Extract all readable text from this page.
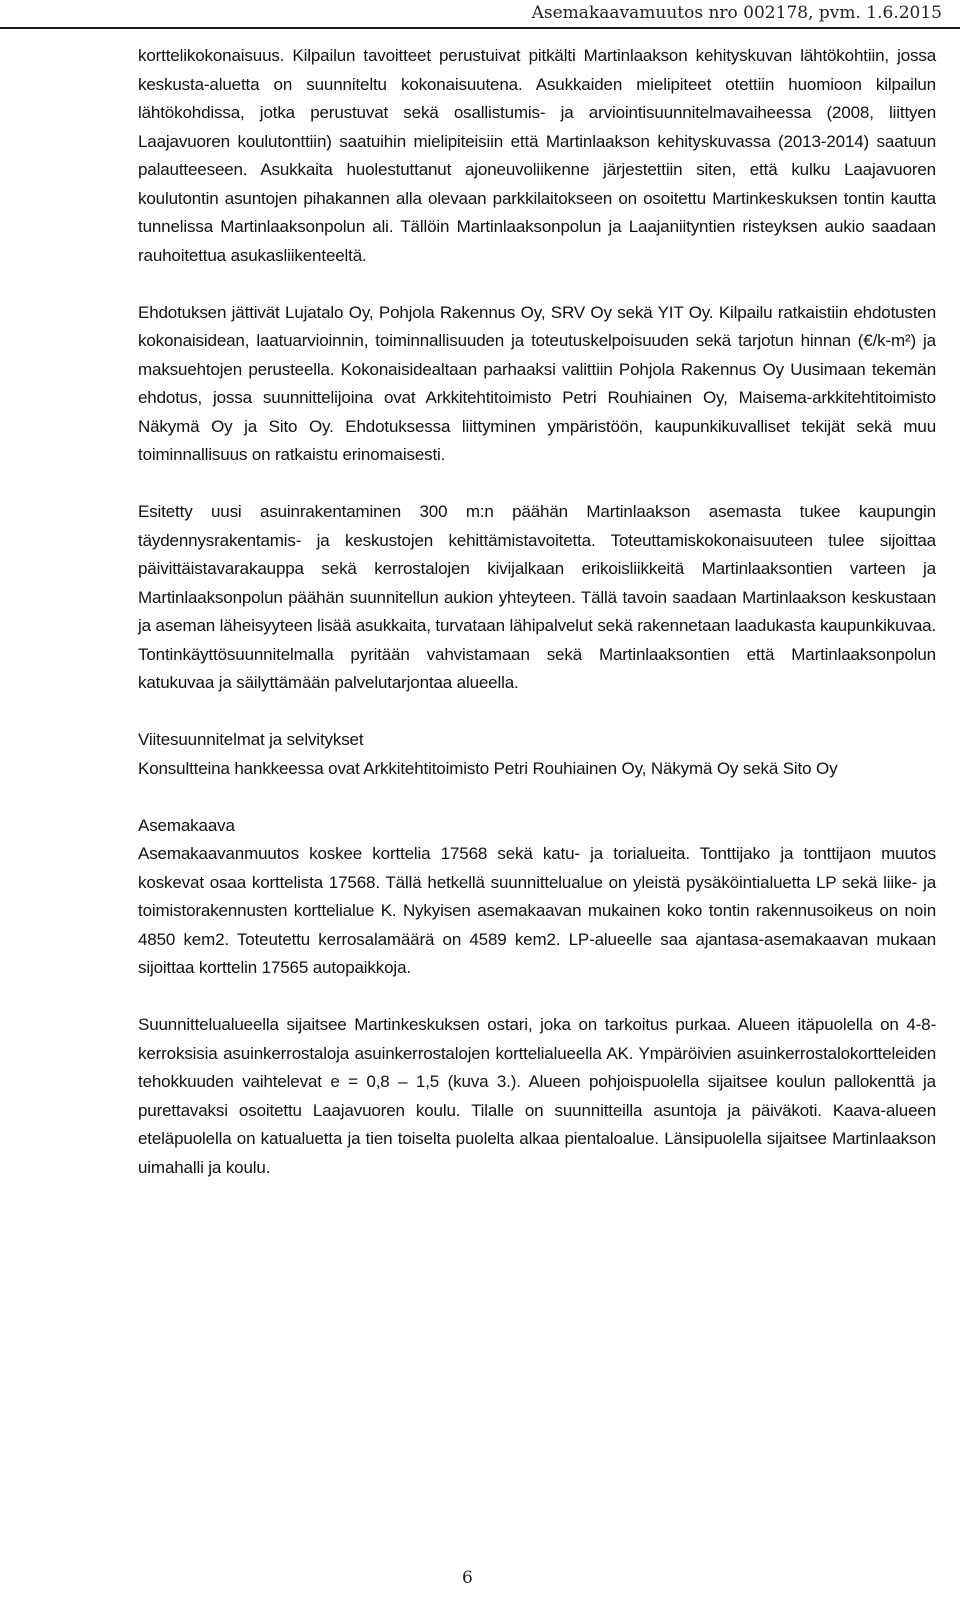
Asemakaavamuutos nro 002178, pvm. 1.6.2015

korttelikokonaisuus. Kilpailun tavoitteet perustuivat pitkälti Martinlaakson kehityskuvan lähtökohtiin, jossa keskusta-aluetta on suunniteltu kokonaisuutena. Asukkaiden mielipiteet otettiin huomioon kilpailun lähtökohdissa, jotka perustuvat sekä osallistumis- ja arviointisuunnitelmavaiheessa (2008, liittyen Laajavuoren koulutonttiin) saatuihin mielipiteisiin että Martinlaakson kehityskuvassa (2013-2014) saatuun palautteeseen. Asukkaita huolestuttanut ajoneuvoliikenne järjestettiin siten, että kulku Laajavuoren koulutontin asuntojen pihakannen alla olevaan parkkilaitokseen on osoitettu Martinkeskuksen tontin kautta tunnelissa Martinlaaksonpolun ali. Tällöin Martinlaaksonpolun ja Laajaniityntien risteyksen aukio saadaan rauhoitettua asukasliikenteeltä.

Ehdotuksen jättivät Lujatalo Oy, Pohjola Rakennus Oy, SRV Oy sekä YIT Oy. Kilpailu ratkaistiin ehdotusten kokonaisidean, laatuarvioinnin, toiminnallisuuden ja toteutuskelpoisuuden sekä tarjotun hinnan (€/k-m²) ja maksuehtojen perusteella. Kokonaisidealtaan parhaaksi valittiin Pohjola Rakennus Oy Uusimaan tekemän ehdotus, jossa suunnittelijoina ovat Arkkitehtitoimisto Petri Rouhiainen Oy, Maisema-arkkitehtitoimisto Näkymä Oy ja Sito Oy. Ehdotuksessa liittyminen ympäristöön, kaupunkikuvalliset tekijät sekä muu toiminnallisuus on ratkaistu erinomaisesti.

Esitetty uusi asuinrakentaminen 300 m:n päähän Martinlaakson asemasta tukee kaupungin täydennysrakentamis- ja keskustojen kehittämistavoitetta. Toteuttamiskokonaisuuteen tulee sijoittaa päivittäistavarakauppa sekä kerrostalojen kivijalkaan erikoisliikkeitä Martinlaaksontien varteen ja Martinlaaksonpolun päähän suunnitellun aukion yhteyteen. Tällä tavoin saadaan Martinlaakson keskustaan ja aseman läheisyyteen lisää asukkaita, turvataan lähipalvelut sekä rakennetaan laadukasta kaupunkikuvaa. Tontinkäyttösuunnitelmalla pyritään vahvistamaan sekä Martinlaaksontien että Martinlaaksonpolun katukuvaa ja säilyttämään palvelutarjontaa alueella.

Viitesuunnitelmat ja selvitykset

Konsultteina hankkeessa ovat Arkkitehtitoimisto Petri Rouhiainen Oy, Näkymä Oy sekä Sito Oy

Asemakaava

Asemakaavanmuutos koskee korttelia 17568 sekä katu- ja torialueita. Tonttijako ja tonttijaon muutos koskevat osaa korttelista 17568. Tällä hetkellä suunnittelualue on yleistä pysäköintialuetta LP sekä liike- ja toimistorakennusten korttelialue K. Nykyisen asemakaavan mukainen koko tontin rakennusoikeus on noin 4850 kem2. Toteutettu kerrosalamäärä on 4589 kem2. LP-alueelle saa ajantasa-asemakaavan mukaan sijoittaa korttelin 17565 autopaikkoja.

Suunnittelualueella sijaitsee Martinkeskuksen ostari, joka on tarkoitus purkaa. Alueen itäpuolella on 4-8-kerroksisia asuinkerrostaloja asuinkerrostalojen korttelialueella AK. Ympäröivien asuinkerrostalokortteleiden tehokkuuden vaihtelevat e = 0,8 – 1,5 (kuva 3.). Alueen pohjoispuolella sijaitsee koulun pallokenttä ja purettavaksi osoitettu Laajavuoren koulu. Tilalle on suunnitteilla asuntoja ja päiväkoti. Kaava-alueen eteläpuolella on katualuetta ja tien toiselta puolelta alkaa pientaloalue. Länsipuolella sijaitsee Martinlaakson uimahalli ja koulu.

6
